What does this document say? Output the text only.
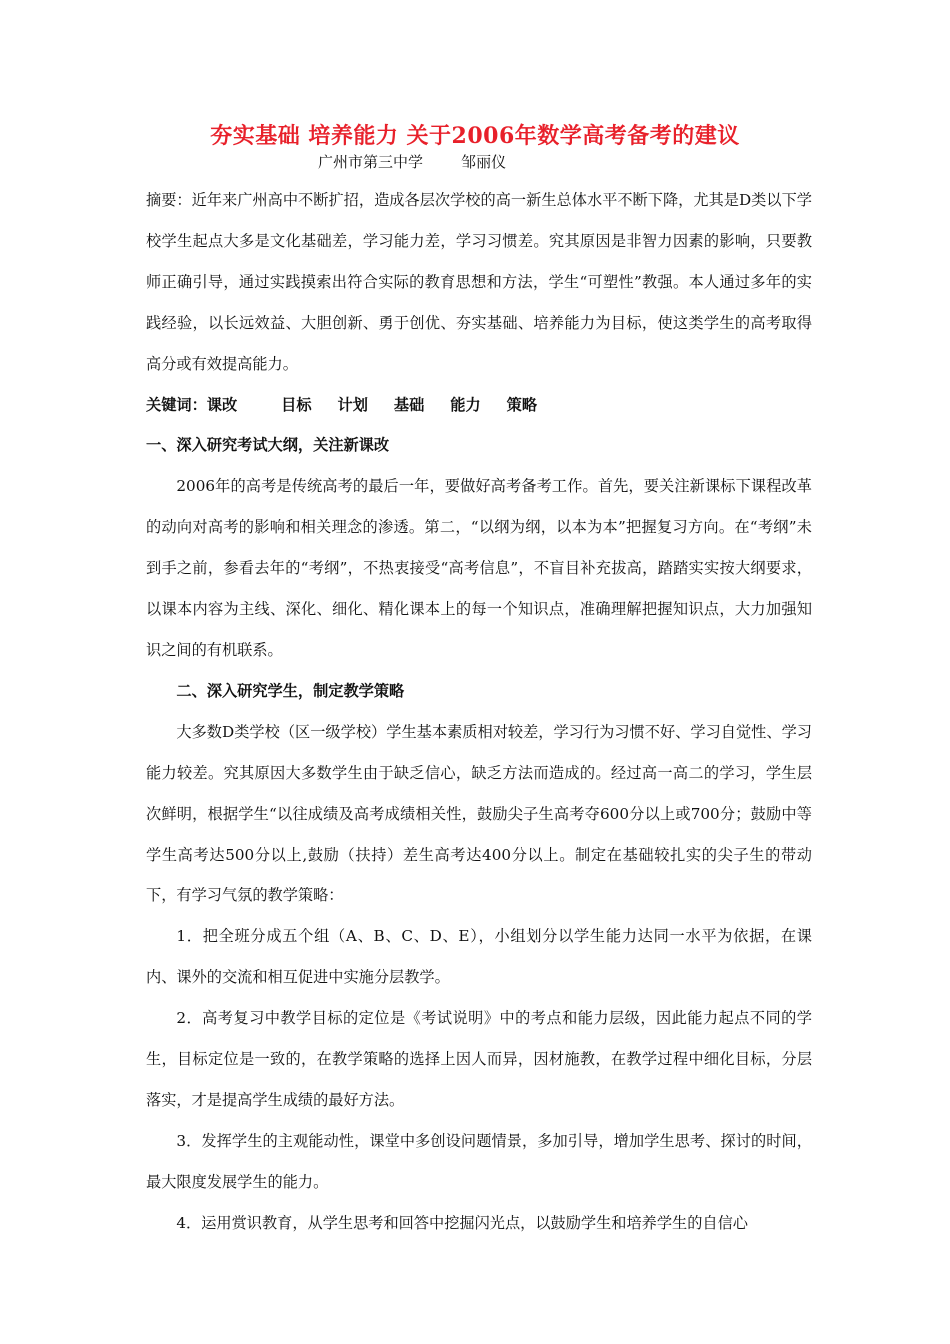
夯实基础 培养能力 关于2006年数学高考备考的建议
广州市第三中学        邹丽仪

摘要：近年来广州高中不断扩招，造成各层次学校的高一新生总体水平不断下降，尤其是D类以下学校学生起点大多是文化基础差，学习能力差，学习习惯差。究其原因是非智力因素的影响，只要教师正确引导，通过实践摸索出符合实际的教育思想和方法，学生“可塑性”教强。本人通过多年的实践经验，以长远效益、大胆创新、勇于创优、夯实基础、培养能力为目标，使这类学生的高考取得高分或有效提高能力。

关键词：课改	目标 计划 基础 能力 策略

一、深入研究考试大纲，关注新课改

2006年的高考是传统高考的最后一年，要做好高考备考工作。首先，要关注新课标下课程改革的动向对高考的影响和相关理念的渗透。第二，“以纲为纲，以本为本”把握复习方向。在“考纲”未到手之前，参看去年的“考纲”，不热衷接受“高考信息”，不盲目补充拔高，踏踏实实按大纲要求，以课本内容为主线、深化、细化、精化课本上的每一个知识点，准确理解把握知识点，大力加强知识之间的有机联系。

二、深入研究学生，制定教学策略

大多数D类学校（区一级学校）学生基本素质相对较差，学习行为习惯不好、学习自觉性、学习能力较差。究其原因大多数学生由于缺乏信心，缺乏方法而造成的。经过高一高二的学习，学生层次鲜明，根据学生“以往成绩及高考成绩相关性，鼓励尖子生高考夺600分以上或700分；鼓励中等学生高考达500分以上,鼓励（扶持）差生高考达400分以上。制定在基础较扎实的尖子生的带动下，有学习气氛的教学策略：

1．把全班分成五个组（A、B、C、D、E），小组划分以学生能力达同一水平为依据，在课内、课外的交流和相互促进中实施分层教学。

2．高考复习中教学目标的定位是《考试说明》中的考点和能力层级，因此能力起点不同的学生，目标定位是一致的，在教学策略的选择上因人而异，因材施教，在教学过程中细化目标，分层落实，才是提高学生成绩的最好方法。

3．发挥学生的主观能动性，课堂中多创设问题情景，多加引导，增加学生思考、探讨的时间，最大限度发展学生的能力。

4．运用赏识教育，从学生思考和回答中挖掘闪光点，以鼓励学生和培养学生的自信心
